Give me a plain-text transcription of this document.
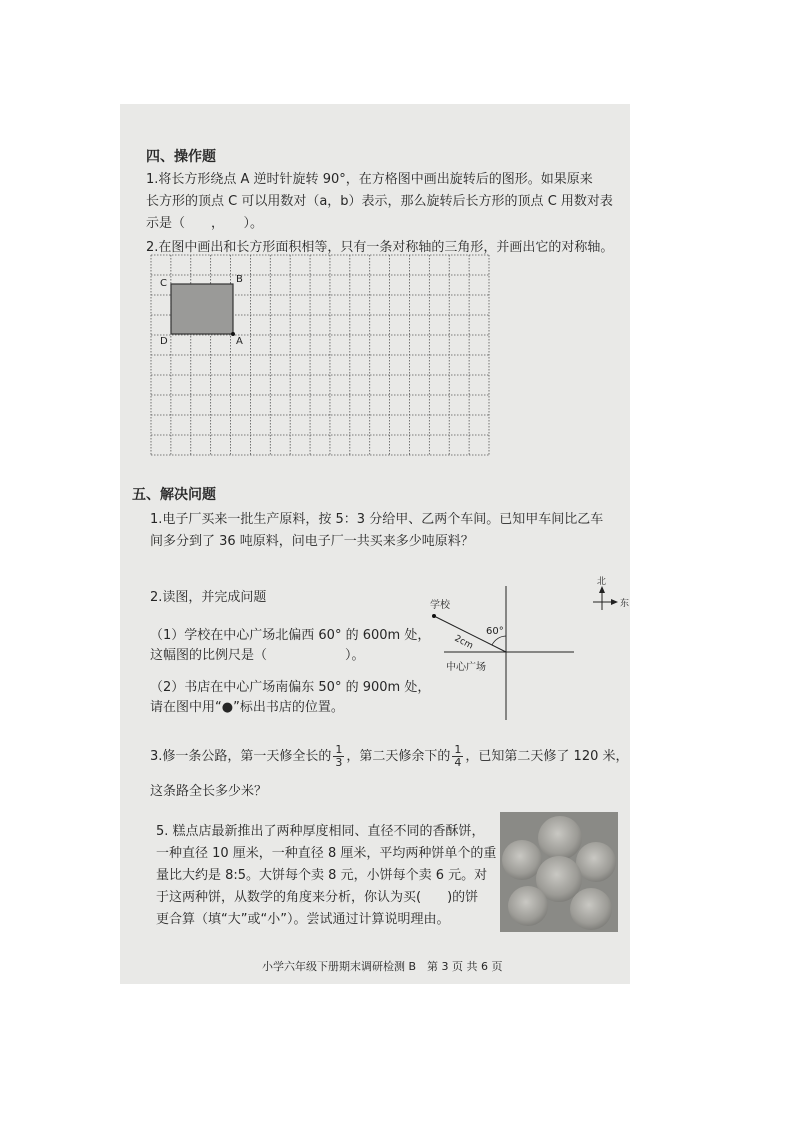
四、操作题
1.将长方形绕点 A 逆时针旋转 90°，在方格图中画出旋转后的图形。如果原来
长方形的顶点 C 可以用数对（a，b）表示，那么旋转后长方形的顶点 C 用数对表
示是（　　，　　）。
2.在图中画出和长方形面积相等，只有一条对称轴的三角形，并画出它的对称轴。
C	B
D	A
五、解决问题
1.电子厂买来一批生产原料，按 5：3 分给甲、乙两个车间。已知甲车间比乙车
间多分到了 36 吨原料，问电子厂一共买来多少吨原料？
2.读图，并完成问题
（1）学校在中心广场北偏西 60° 的 600m 处，
这幅图的比例尺是（　　　　　　）。
（2）书店在中心广场南偏东 50° 的 900m 处，
请在图中用“●”标出书店的位置。
学校
60°
2cm
中心广场
北
东
3.修一条公路，第一天修全长的 $\frac{1}{3}$ ，第二天修余下的 $\frac{1}{4}$ ，已知第二天修了 120 米，
这条路全长多少米？
5. 糕点店最新推出了两种厚度相同、直径不同的香酥饼，
一种直径 10 厘米，一种直径 8 厘米，平均两种饼单个的重
量比大约是 8:5。大饼每个卖 8 元，小饼每个卖 6 元。对
于这两种饼，从数学的角度来分析，你认为买(　　)的饼
更合算（填“大”或“小”）。尝试通过计算说明理由。
小学六年级下册期末调研检测 B　第 3 页 共 6 页
